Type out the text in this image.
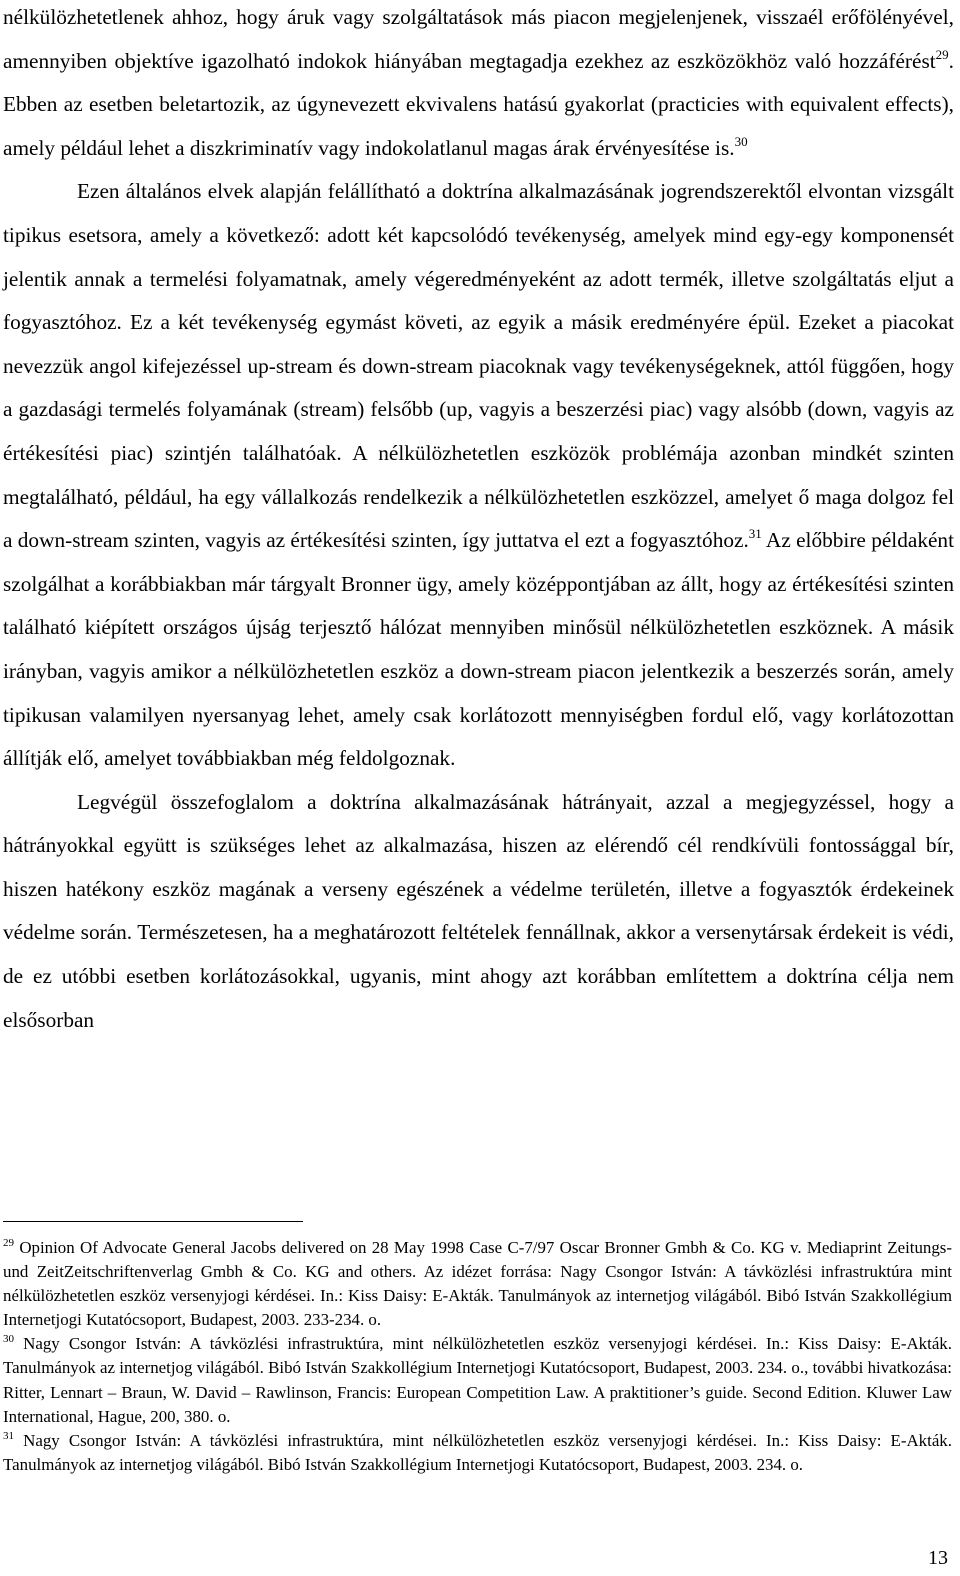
nélkülözhetetlenek ahhoz, hogy áruk vagy szolgáltatások más piacon megjelenjenek, visszaél erőfölényével, amennyiben objektíve igazolható indokok hiányában megtagadja ezekhez az eszközökhöz való hozzáférést$^{29}$. Ebben az esetben beletartozik, az úgynevezett ekvivalens hatású gyakorlat (practicies with equivalent effects), amely például lehet a diszkriminatív vagy indokolatlanul magas árak érvényesítése is.$^{30}$

Ezen általános elvek alapján felállítható a doktrína alkalmazásának jogrendszerektől elvontan vizsgált tipikus esetsora, amely a következő: adott két kapcsolódó tevékenység, amelyek mind egy-egy komponensét jelentik annak a termelési folyamatnak, amely végeredményeként az adott termék, illetve szolgáltatás eljut a fogyasztóhoz. Ez a két tevékenység egymást követi, az egyik a másik eredményére épül. Ezeket a piacokat nevezzük angol kifejezéssel up-stream és down-stream piacoknak vagy tevékenységeknek, attól függően, hogy a gazdasági termelés folyamának (stream) felsőbb (up, vagyis a beszerzési piac) vagy alsóbb (down, vagyis az értékesítési piac) szintjén találhatóak. A nélkülözhetetlen eszközök problémája azonban mindkét szinten megtalálható, például, ha egy vállalkozás rendelkezik a nélkülözhetetlen eszközzel, amelyet ő maga dolgoz fel a down-stream szinten, vagyis az értékesítési szinten, így juttatva el ezt a fogyasztóhoz.$^{31}$ Az előbbire példaként szolgálhat a korábbiakban már tárgyalt Bronner ügy, amely középpontjában az állt, hogy az értékesítési szinten található kiépített országos újság terjesztő hálózat mennyiben minősül nélkülözhetetlen eszköznek. A másik irányban, vagyis amikor a nélkülözhetetlen eszköz a down-stream piacon jelentkezik a beszerzés során, amely tipikusan valamilyen nyersanyag lehet, amely csak korlátozott mennyiségben fordul elő, vagy korlátozottan állítják elő, amelyet továbbiakban még feldolgoznak.

Legvégül összefoglalom a doktrína alkalmazásának hátrányait, azzal a megjegyzéssel, hogy a hátrányokkal együtt is szükséges lehet az alkalmazása, hiszen az elérendő cél rendkívüli fontossággal bír, hiszen hatékony eszköz magának a verseny egészének a védelme területén, illetve a fogyasztók érdekeinek védelme során. Természetesen, ha a meghatározott feltételek fennállnak, akkor a versenytársak érdekeit is védi, de ez utóbbi esetben korlátozásokkal, ugyanis, mint ahogy azt korábban említettem a doktrína célja nem elsősorban

$^{29}$ Opinion Of Advocate General Jacobs delivered on 28 May 1998 Case C-7/97 Oscar Bronner Gmbh & Co. KG v. Mediaprint Zeitungs- und ZeitZeitschriftenverlag Gmbh & Co. KG and others. Az idézet forrása: Nagy Csongor István: A távközlési infrastruktúra mint nélkülözhetetlen eszköz versenyjogi kérdései. In.: Kiss Daisy: E-Akták. Tanulmányok az internetjog világából. Bibó István Szakkollégium Internetjogi Kutatócsoport, Budapest, 2003. 233-234. o.

$^{30}$ Nagy Csongor István: A távközlési infrastruktúra, mint nélkülözhetetlen eszköz versenyjogi kérdései. In.: Kiss Daisy: E-Akták. Tanulmányok az internetjog világából. Bibó István Szakkollégium Internetjogi Kutatócsoport, Budapest, 2003. 234. o., további hivatkozása: Ritter, Lennart – Braun, W. David – Rawlinson, Francis: European Competition Law. A praktitioner’s guide. Second Edition. Kluwer Law International, Hague, 200, 380. o.

$^{31}$ Nagy Csongor István: A távközlési infrastruktúra, mint nélkülözhetetlen eszköz versenyjogi kérdései. In.: Kiss Daisy: E-Akták. Tanulmányok az internetjog világából. Bibó István Szakkollégium Internetjogi Kutatócsoport, Budapest, 2003. 234. o.

13
